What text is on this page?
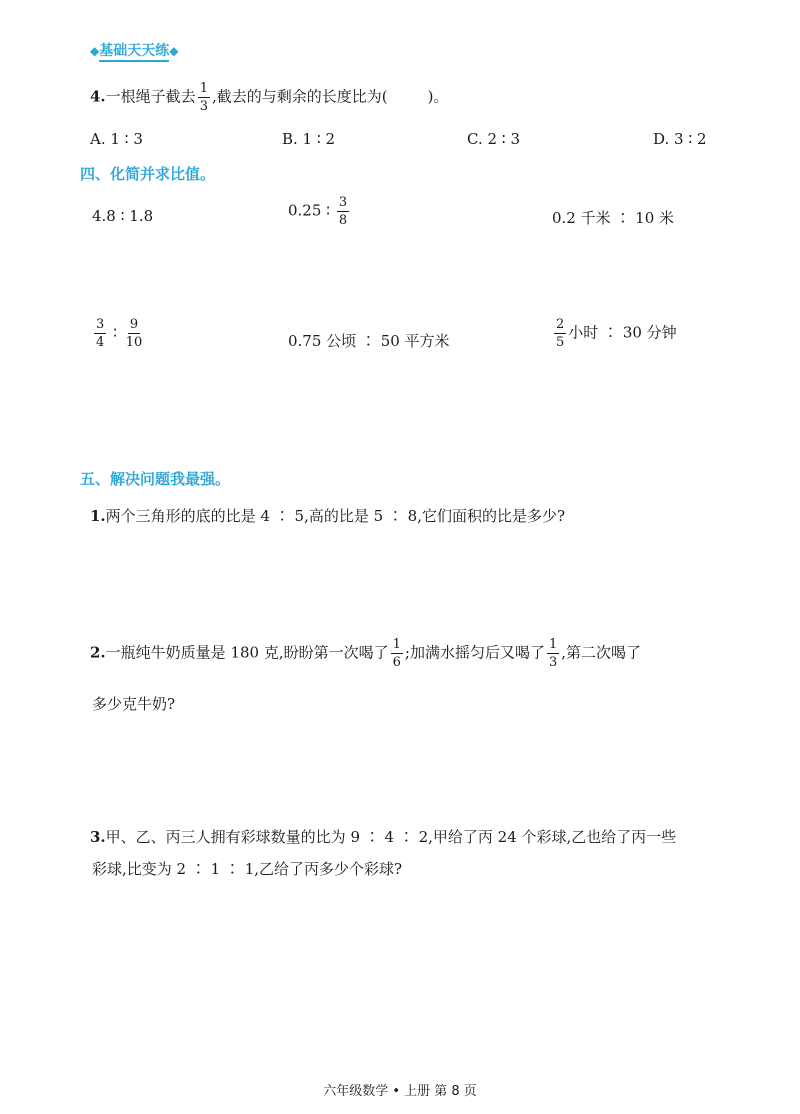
◆基础天天练◆
4.一根绳子截去 $\frac{1}{3}$ ,截去的与剩余的长度比为(	)。
A. 1 ∶ 3	B. 1 ∶ 2	C. 2 ∶ 3	D. 3 ∶ 2
四、化简并求比值。
4.8 ∶ 1.8	0.25 ∶ $\frac{3}{8}$	0.2 千米 ∶ 10 米
$\frac{3}{4}$ ∶ $\frac{9}{10}$	0.75 公顷 ∶ 50 平方米	$\frac{2}{5}$ 小时 ∶ 30 分钟
五、解决问题我最强。
1.两个三角形的底的比是 4 ∶ 5,高的比是 5 ∶ 8,它们面积的比是多少?
2.一瓶纯牛奶质量是 180 克,盼盼第一次喝了 $\frac{1}{6}$ ;加满水摇匀后又喝了 $\frac{1}{3}$ ,第二次喝了
多少克牛奶?
3.甲、乙、丙三人拥有彩球数量的比为 9 ∶ 4 ∶ 2,甲给了丙 24 个彩球,乙也给了丙一些
彩球,比变为 2 ∶ 1 ∶ 1,乙给了丙多少个彩球?
六年级数学 • 上册 第 8 页
